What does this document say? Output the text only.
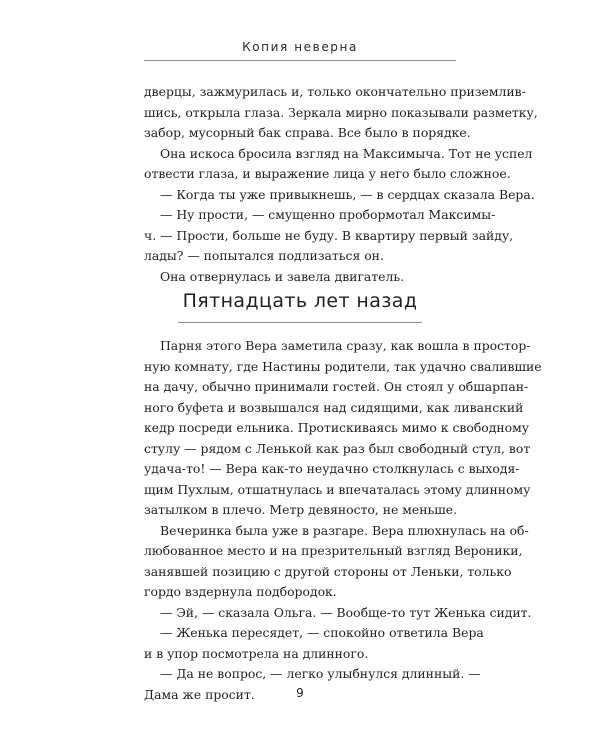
Копия неверна
дверцы, зажмурилась и, только окончательно приземлив-
шись, открыла глаза. Зеркала мирно показывали разметку,
забор, мусорный бак справа. Все было в порядке.
Она искоса бросила взгляд на Максимыча. Тот не успел
отвести глаза, и выражение лица у него было сложное.
— Когда ты уже привыкнешь, — в сердцах сказала Вера.
— Ну прости, — смущенно пробормотал Максимы-
ч. — Прости, больше не буду. В квартиру первый зайду,
лады? — попытался подлизаться он.
Она отвернулась и завела двигатель.
Пятнадцать лет назад
Парня этого Вера заметила сразу, как вошла в простор-
ную комнату, где Настины родители, так удачно свалившие
на дачу, обычно принимали гостей. Он стоял у обшарпан-
ного буфета и возвышался над сидящими, как ливанский
кедр посреди ельника. Протискиваясь мимо к свободному
стулу — рядом с Ленькой как раз был свободный стул, вот
удача-то! — Вера как-то неудачно столкнулась с выходя-
щим Пухлым, отшатнулась и впечаталась этому длинному
затылком в плечо. Метр девяносто, не меньше.
Вечеринка была уже в разгаре. Вера плюхнулась на об-
любованное место и на презрительный взгляд Вероники,
занявшей позицию с другой стороны от Леньки, только
гордо вздернула подбородок.
— Эй, — сказала Ольга. — Вообще-то тут Женька сидит.
— Женька пересядет, — спокойно ответила Вера
и в упор посмотрела на длинного.
— Да не вопрос, — легко улыбнулся длинный. —
Дама же просит.	9
